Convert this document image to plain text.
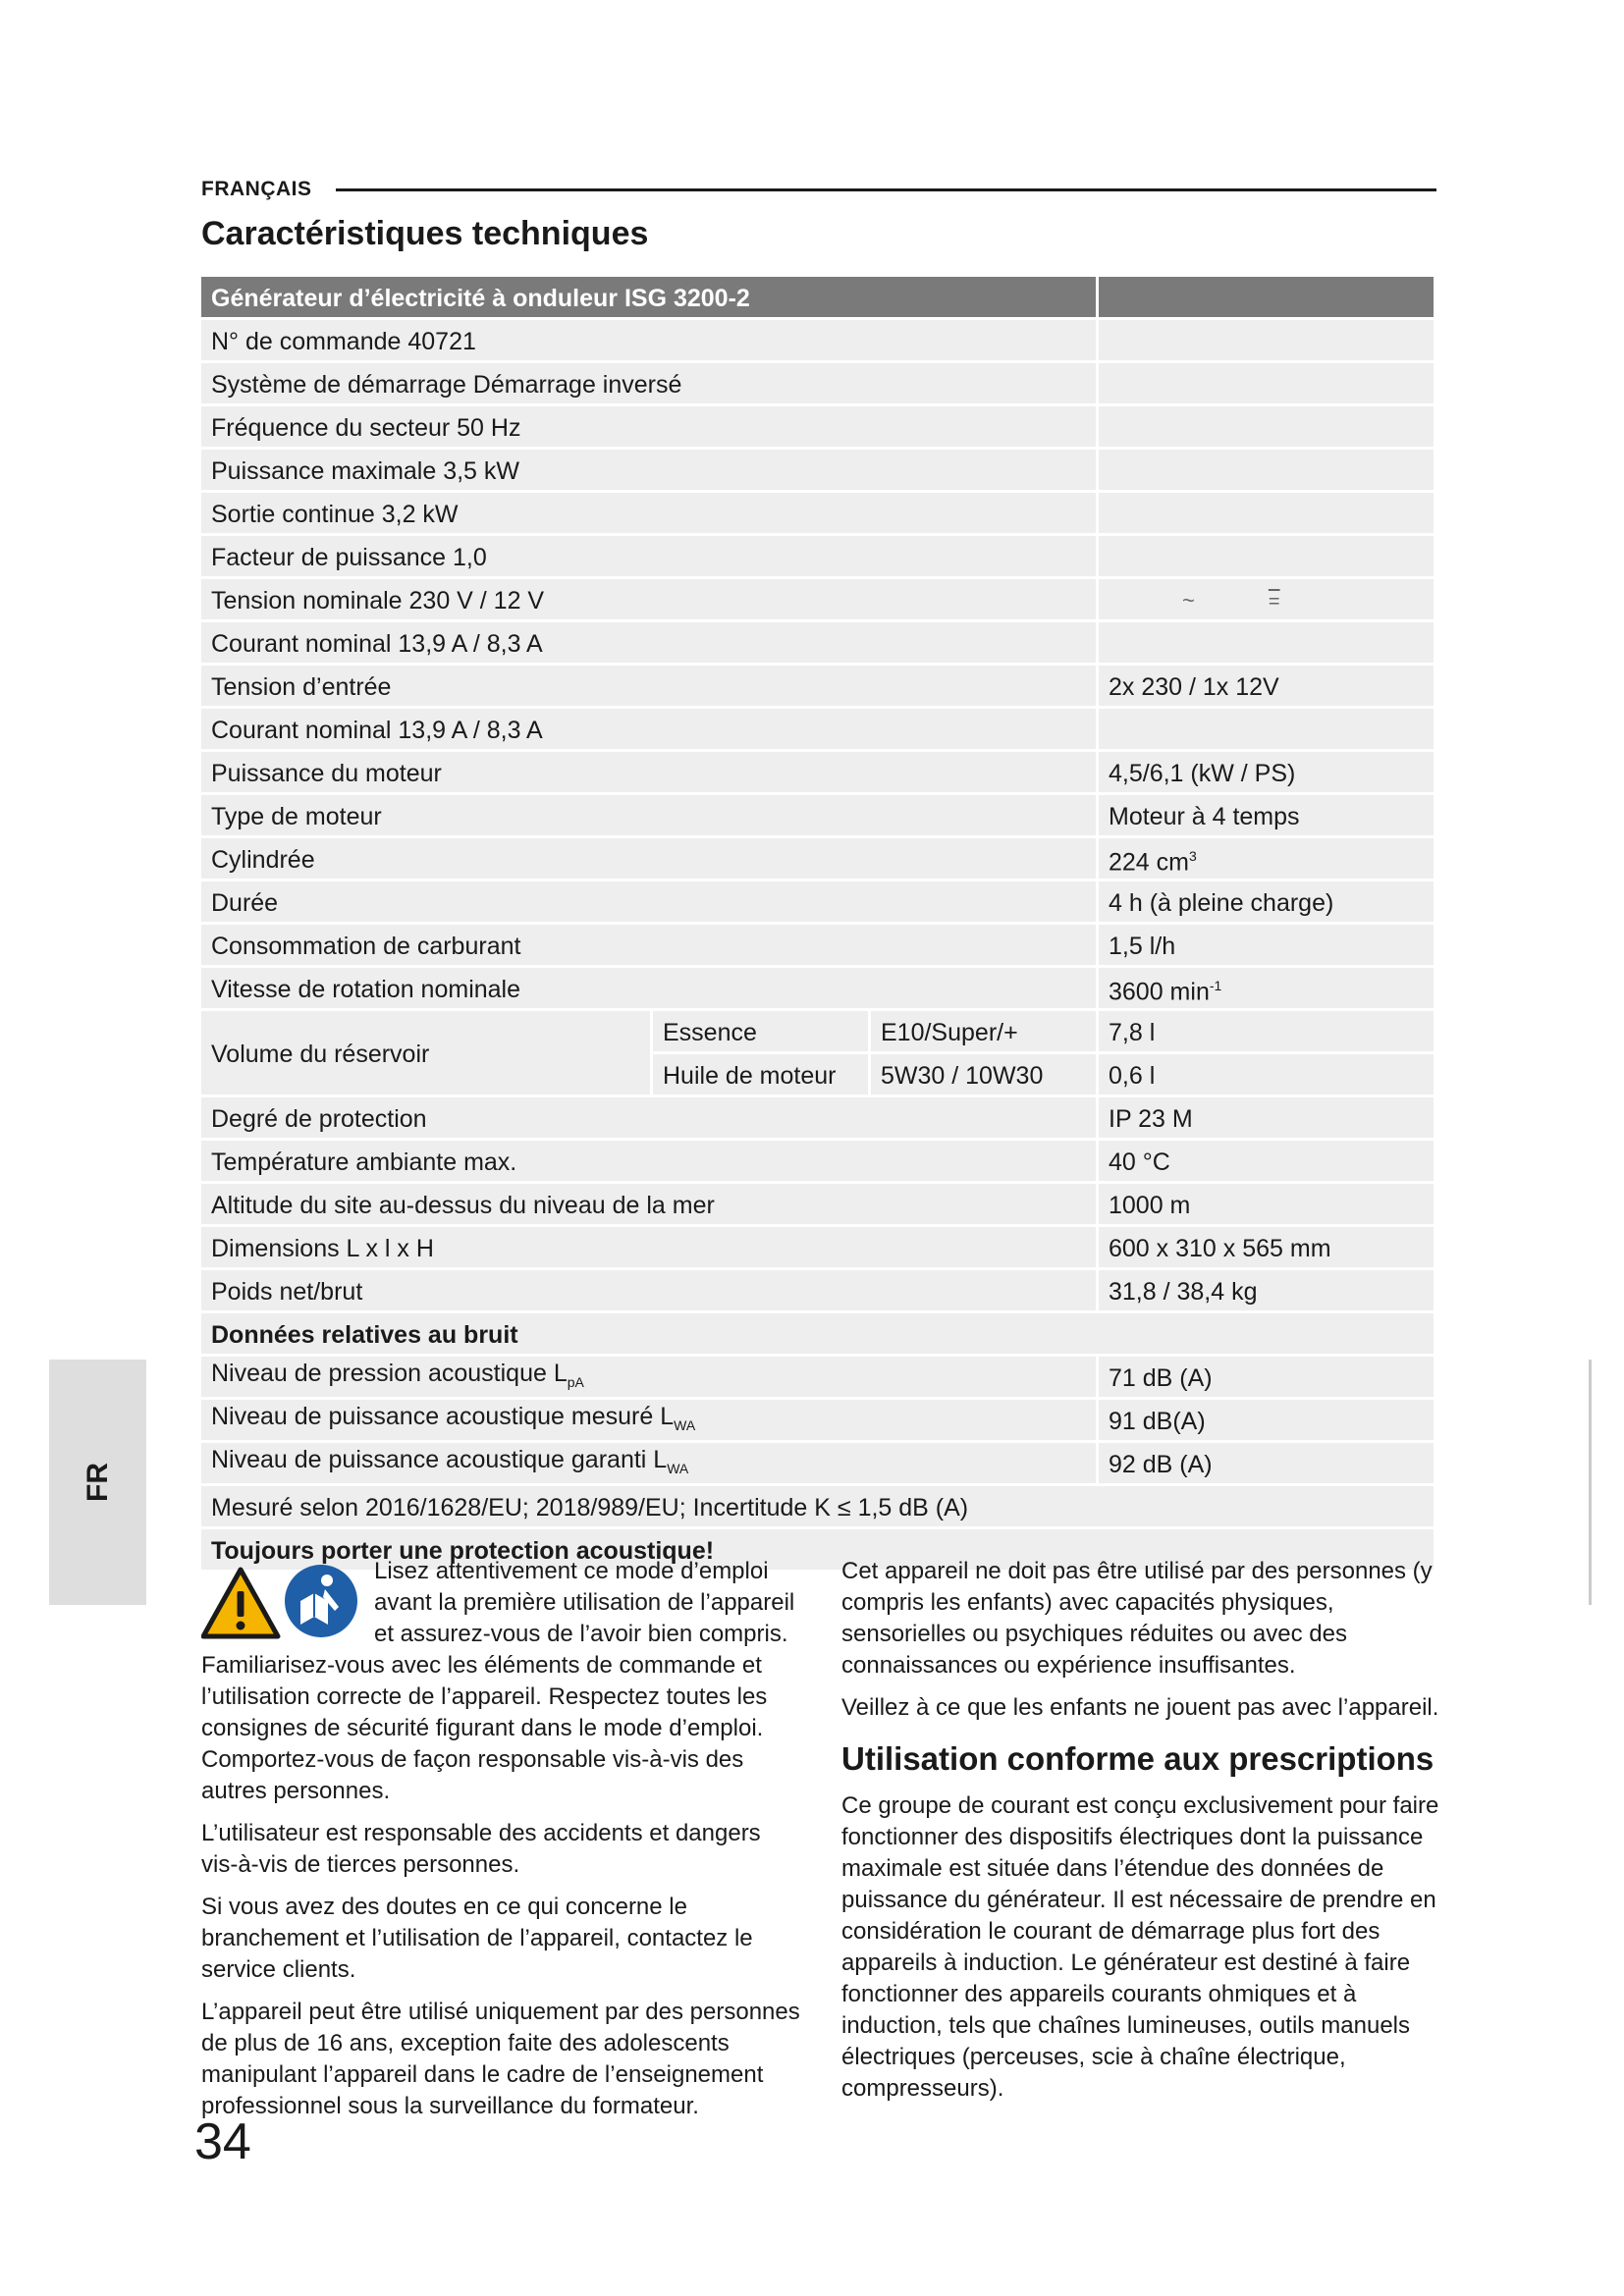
FRANÇAIS
Caractéristiques techniques
Générateur d’électricité à onduleur ISG 3200-2			
N° de commande 40721			
Système de démarrage Démarrage inversé			
Fréquence du secteur 50 Hz			
Puissance maximale 3,5 kW			
Sortie continue 3,2 kW			
Facteur de puissance 1,0			
Tension nominale 230 V / 12 V			~ =
Courant nominal 13,9 A / 8,3 A			
Tension d’entrée			2x 230 / 1x 12V
Courant nominal 13,9 A / 8,3 A			
Puissance du moteur			4,5/6,1 (kW / PS)
Type de moteur			Moteur à 4 temps
Cylindrée			224 $cm^3$
Durée			4 h (à pleine charge)
Consommation de carburant			1,5 l/h
Vitesse de rotation nominale			3600 $\min^{-1}$
Volume du réservoir	Essence	E10/Super/+	7,8 l
	Huile de moteur	5W30 / 10W30	0,6 l
Degré de protection			IP 23 M
Température ambiante max.			40 °C
Altitude du site au-dessus du niveau de la mer			1000 m
Dimensions L x l x H			600 x 310 x 565 mm
Poids net/brut			31,8 / 38,4 kg
Données relatives au bruit			
Niveau de pression acoustique $L_{pA}$			71 dB (A)
Niveau de puissance acoustique mesuré $L_{WA}$			91 dB(A)
Niveau de puissance acoustique garanti $L_{WA}$			92 dB (A)
Mesuré selon 2016/1628/EU; 2018/989/EU; Incertitude K ≤ 1,5 dB (A)			
Toujours porter une protection acoustique!			
FR
Lisez attentivement ce mode d’emploi avant la première utilisation de l’appareil et assurez-vous de l’avoir bien compris.

Familiarisez-vous avec les éléments de commande et l’utilisation correcte de l’appareil. Respectez toutes les consignes de sécurité figurant dans le mode d’emploi. Comportez-vous de façon responsable vis-à-vis des autres personnes.

L’utilisateur est responsable des accidents et dangers vis-à-vis de tierces personnes.

Si vous avez des doutes en ce qui concerne le branchement et l’utilisation de l’appareil, contactez le service clients.

L’appareil peut être utilisé uniquement par des personnes de plus de 16 ans, exception faite des adolescents manipulant l’appareil dans le cadre de l’enseignement professionnel sous la surveillance du formateur.

Cet appareil ne doit pas être utilisé par des personnes (y compris les enfants) avec capacités physiques, sensorielles ou psychiques réduites ou avec des connaissances ou expérience insuffisantes.

Veillez à ce que les enfants ne jouent pas avec l’appareil.

Utilisation conforme aux prescriptions

Ce groupe de courant est conçu exclusivement pour faire fonctionner des dispositifs électriques dont la puissance maximale est située dans l’étendue des données de puissance du générateur. Il est nécessaire de prendre en considération le courant de démarrage plus fort des appareils à induction. Le générateur est destiné à faire fonctionner des appareils courants ohmiques et à induction, tels que chaînes lumineuses, outils manuels électriques (perceuses, scie à chaîne électrique, compresseurs).

34
